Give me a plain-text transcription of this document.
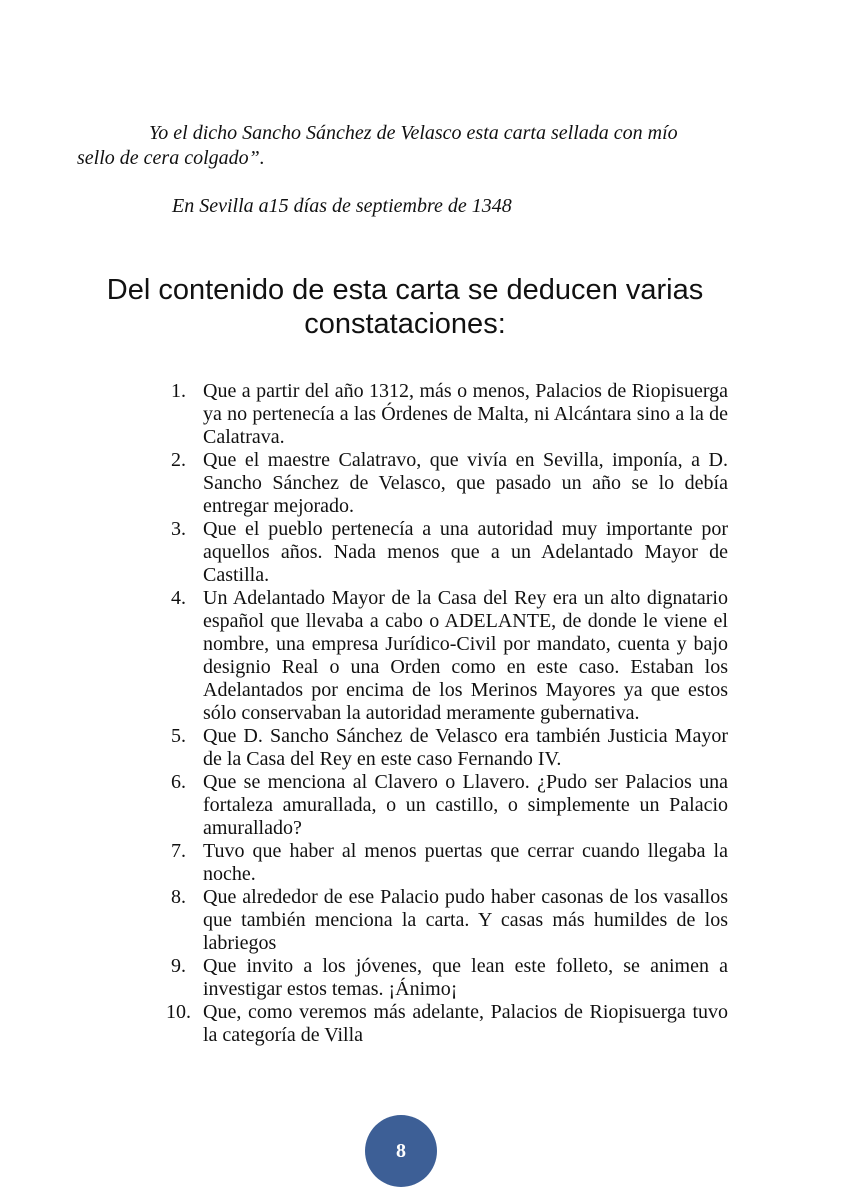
Yo el dicho Sancho Sánchez de Velasco esta carta sellada con mío
sello de cera colgado”.
En Sevilla a15 días de septiembre de 1348
Del contenido de esta carta se deducen varias
constataciones:
1. Que a partir del año 1312, más o menos, Palacios de Riopisuerga ya no pertenecía a las Órdenes de Malta, ni Alcántara sino a la de Calatrava.
2. Que el maestre Calatravo, que vivía en Sevilla, imponía, a D. Sancho Sánchez de Velasco, que pasado un año se lo debía entregar mejorado.
3. Que el pueblo pertenecía a una autoridad muy importante por aquellos años. Nada menos que a un Adelantado Mayor de Castilla.
4. Un Adelantado Mayor de la Casa del Rey era un alto dignatario español que llevaba a cabo o ADELANTE, de donde le viene el nombre, una empresa Jurídico-Civil por mandato, cuenta y bajo designio Real o una Orden como en este caso. Estaban los Adelantados por encima de los Merinos Mayores ya que estos sólo conservaban la autoridad meramente gubernativa.
5. Que D. Sancho Sánchez de Velasco era también Justicia Mayor de la Casa del Rey en este caso Fernando IV.
6. Que se menciona al Clavero o Llavero. ¿Pudo ser Palacios una fortaleza amurallada, o un castillo, o simplemente un Palacio amurallado?
7. Tuvo que haber al menos puertas que cerrar cuando llegaba la noche.
8. Que alrededor de ese Palacio pudo haber casonas de los vasallos que también menciona la carta. Y casas más humildes de los labriegos
9. Que invito a los jóvenes, que lean este folleto, se animen a investigar estos temas. ¡Ánimo¡
10. Que, como veremos más adelante, Palacios de Riopisuerga tuvo la categoría de Villa
8
